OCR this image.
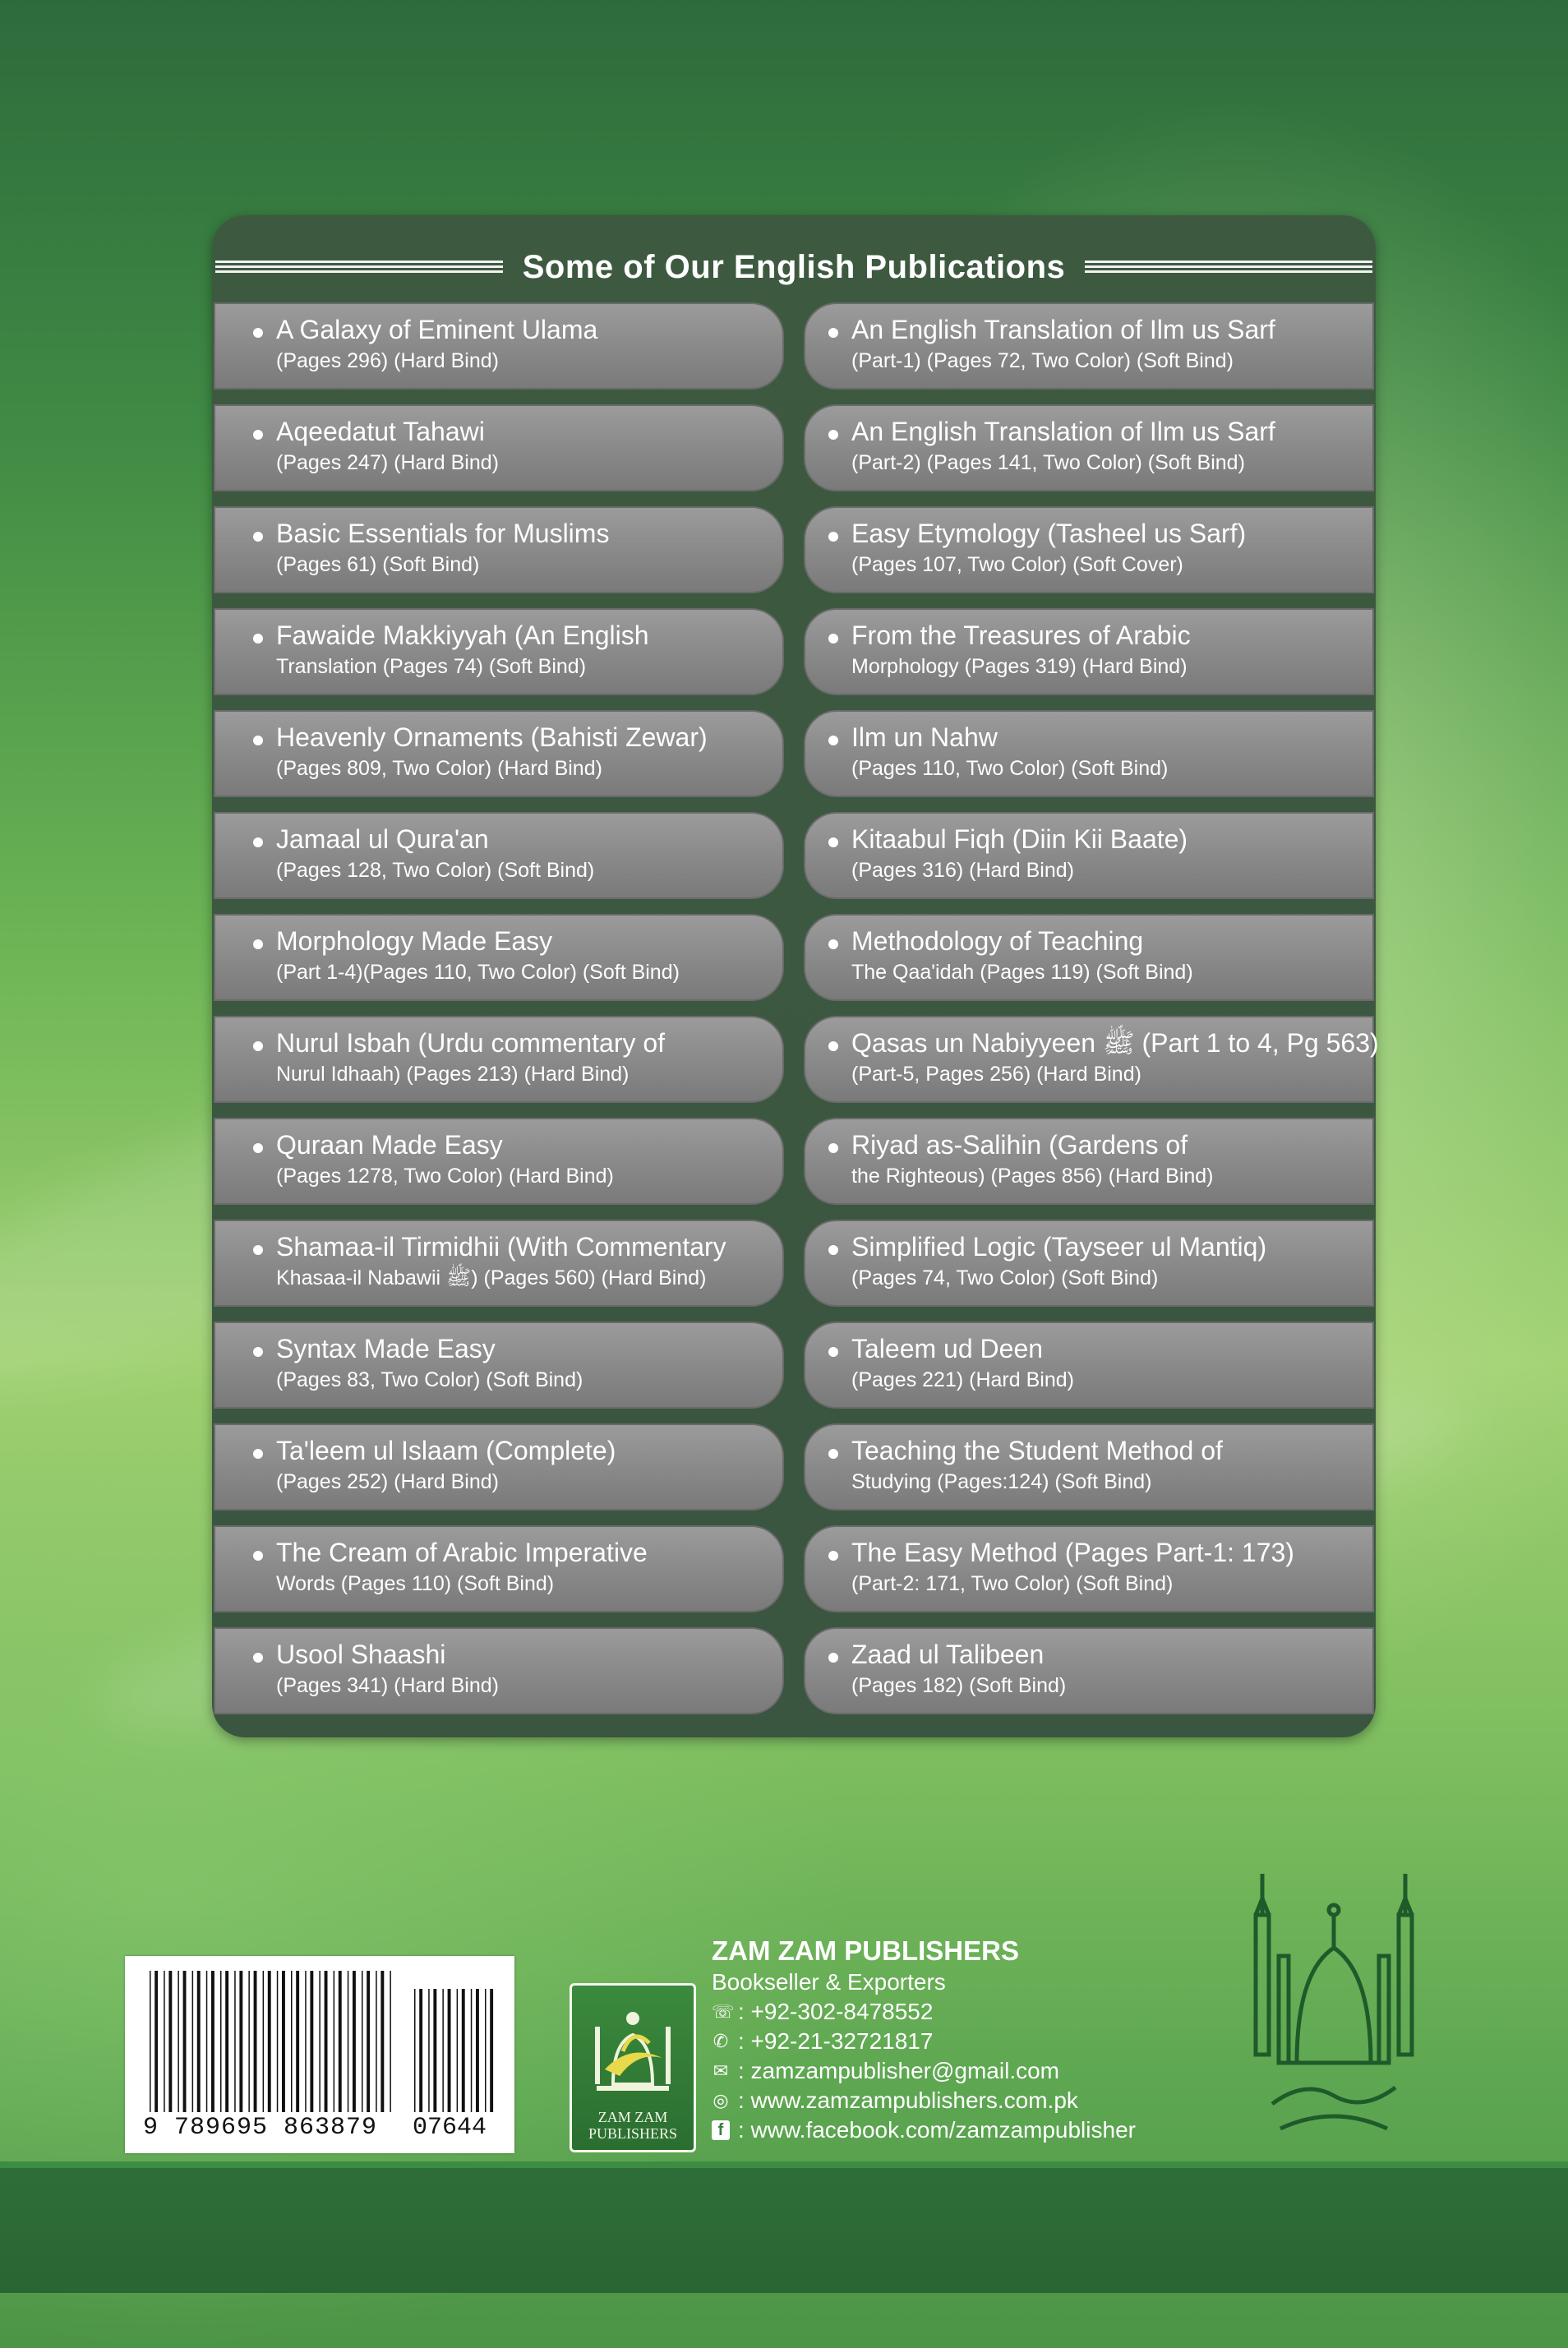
Some of Our English Publications
A Galaxy of Eminent Ulama
(Pages 296) (Hard Bind)
An English Translation of Ilm us Sarf
(Part-1) (Pages 72, Two Color) (Soft Bind)
Aqeedatut Tahawi
(Pages 247) (Hard Bind)
An English Translation of Ilm us Sarf
(Part-2) (Pages 141, Two Color) (Soft Bind)
Basic Essentials for Muslims
(Pages 61) (Soft Bind)
Easy Etymology (Tasheel us Sarf)
(Pages 107, Two Color) (Soft Cover)
Fawaide Makkiyyah (An English
Translation (Pages 74) (Soft Bind)
From the Treasures of Arabic
Morphology (Pages 319) (Hard Bind)
Heavenly Ornaments (Bahisti Zewar)
(Pages 809, Two Color) (Hard Bind)
Ilm un Nahw
(Pages 110, Two Color) (Soft Bind)
Jamaal ul Qura'an
(Pages 128, Two Color) (Soft Bind)
Kitaabul Fiqh (Diin Kii Baate)
(Pages 316) (Hard Bind)
Morphology Made Easy
(Part 1-4)(Pages 110, Two Color) (Soft Bind)
Methodology of Teaching
The Qaa'idah (Pages 119) (Soft Bind)
Nurul Isbah (Urdu commentary of
Nurul Idhaah) (Pages 213) (Hard Bind)
Qasas un Nabiyyeen ﷺ (Part 1 to 4, Pg 563)
(Part-5, Pages 256) (Hard Bind)
Quraan Made Easy
(Pages 1278, Two Color) (Hard Bind)
Riyad as-Salihin (Gardens of
the Righteous) (Pages 856) (Hard Bind)
Shamaa-il Tirmidhii (With Commentary
Khasaa-il Nabawii ﷺ) (Pages 560) (Hard Bind)
Simplified Logic (Tayseer ul Mantiq)
(Pages 74, Two Color) (Soft Bind)
Syntax Made Easy
(Pages 83, Two Color) (Soft Bind)
Taleem ud Deen
(Pages 221) (Hard Bind)
Ta'leem ul Islaam (Complete)
(Pages 252) (Hard Bind)
Teaching the Student Method of
Studying (Pages:124) (Soft Bind)
The Cream of Arabic Imperative
Words (Pages 110) (Soft Bind)
The Easy Method (Pages Part-1: 173)
(Part-2: 171, Two Color) (Soft Bind)
Usool Shaashi
(Pages 341) (Hard Bind)
Zaad ul Talibeen
(Pages 182) (Soft Bind)
9 789695 863879 07644	ZAM ZAM
PUBLISHERS
ZAM ZAM PUBLISHERS
Bookseller & Exporters
☏ : +92-302-8478552
✆ : +92-21-32721817
✉ : zamzampublisher@gmail.com
◎ : www.zamzampublishers.com.pk
f : www.facebook.com/zamzampublisher
